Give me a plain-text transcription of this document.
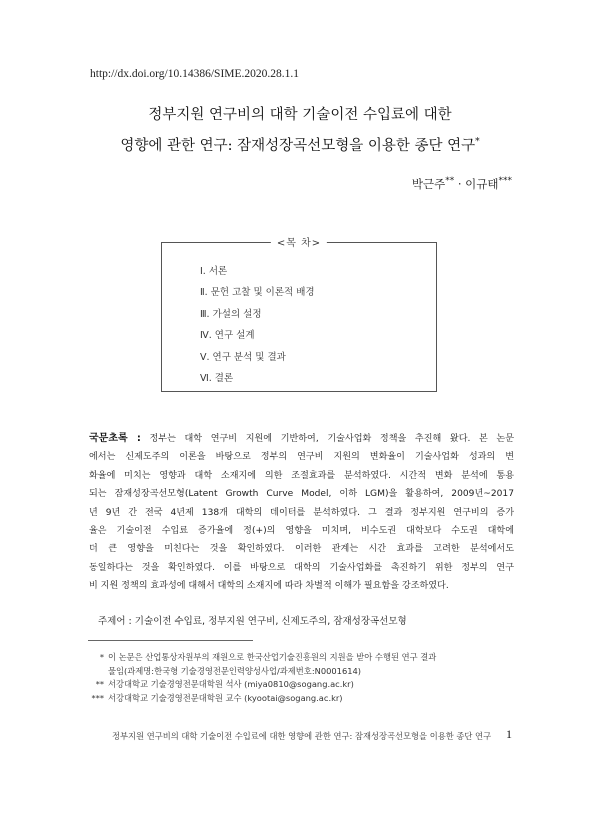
http://dx.doi.org/10.14386/SIME.2020.28.1.1
정부지원 연구비의 대학 기술이전 수입료에 대한
영향에 관한 연구: 잠재성장곡선모형을 이용한 종단 연구*
박근주** · 이규태***
<목 차>
Ⅰ. 서론
Ⅱ. 문헌 고찰 및 이론적 배경
Ⅲ. 가설의 설정
Ⅳ. 연구 설계
Ⅴ. 연구 분석 및 결과
Ⅵ. 결론
국문초록 : 정부는 대학 연구비 지원에 기반하여, 기술사업화 정책을 추진해 왔다. 본 논문
에서는 신제도주의 이론을 바탕으로 정부의 연구비 지원의 변화율이 기술사업화 성과의 변
화율에 미치는 영향과 대학 소재지에 의한 조절효과를 분석하였다. 시간적 변화 분석에 통용
되는 잠재성장곡선모형(Latent Growth Curve Model, 이하 LGM)을 활용하여, 2009년~2017
년 9년 간 전국 4년제 138개 대학의 데이터를 분석하였다. 그 결과 정부지원 연구비의 증가
율은 기술이전 수입료 증가율에 정(+)의 영향을 미치며, 비수도권 대학보다 수도권 대학에
더 큰 영향을 미친다는 것을 확인하였다. 이러한 관계는 시간 효과를 고려한 분석에서도
동일하다는 것을 확인하였다. 이를 바탕으로 대학의 기술사업화를 촉진하기 위한 정부의 연구
비 지원 정책의 효과성에 대해서 대학의 소재지에 따라 차별적 이해가 필요함을 강조하였다.
주제어 : 기술이전 수입료, 정부지원 연구비, 신제도주의, 잠재성장곡선모형
* 이 논문은 산업통상자원부의 재원으로 한국산업기술진흥원의 지원을 받아 수행된 연구 결과
물임(과제명:한국형 기술경영전문인력양성사업/과제번호:N0001614)
** 서강대학교 기술경영전문대학원 석사 (miya0810@sogang.ac.kr)
*** 서강대학교 기술경영전문대학원 교수 (kyootai@sogang.ac.kr)
정부지원 연구비의 대학 기술이전 수입료에 대한 영향에 관한 연구: 잠재성장곡선모형을 이용한 종단 연구 1
